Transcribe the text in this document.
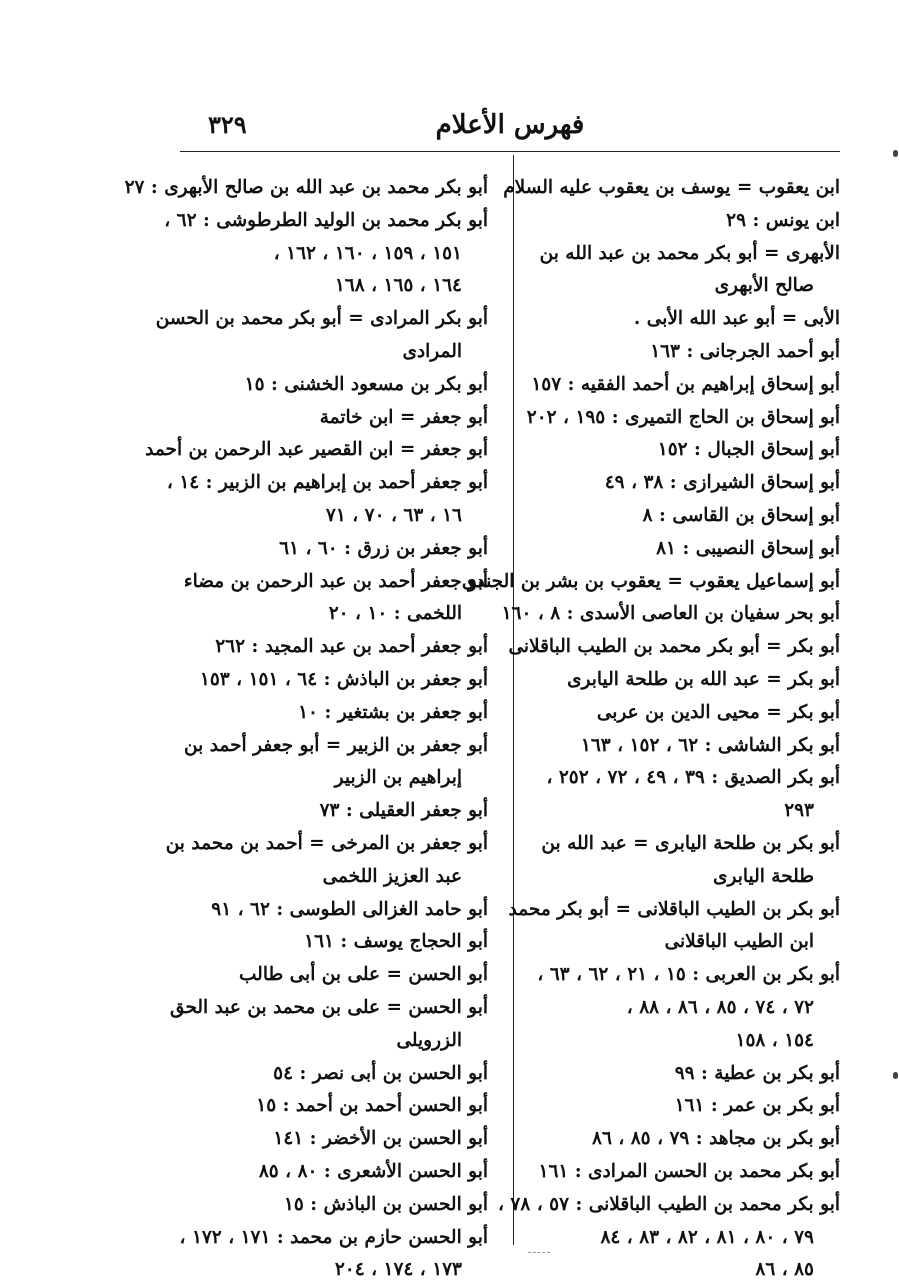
فهرس الأعلام
٣٢٩
ابن يعقوب = يوسف بن يعقوب عليه السلام
ابن يونس : ٢٩
الأبهرى = أبو بكر محمد بن عبد الله بن
صالح الأبهرى
الأبى = أبو عبد الله الأبى .
أبو أحمد الجرجانى : ١٦٣
أبو إسحاق إبراهيم بن أحمد الفقيه : ١٥٧
أبو إسحاق بن الحاج التميرى : ١٩٥ ، ٢٠٢
أبو إسحاق الجبال : ١٥٢
أبو إسحاق الشيرازى : ٣٨ ، ٤٩
أبو إسحاق بن القاسى : ٨
أبو إسحاق النصيبى : ٨١
أبو إسماعيل يعقوب = يعقوب بن بشر بن الجندى
أبو بحر سفيان بن العاصى الأسدى : ٨ ، ١٦٠
أبو بكر = أبو بكر محمد بن الطيب الباقلانى
أبو بكر = عبد الله بن طلحة اليابرى
أبو بكر = محيى الدين بن عربى
أبو بكر الشاشى : ٦٢ ، ١٥٢ ، ١٦٣
أبو بكر الصديق : ٣٩ ، ٤٩ ، ٧٢ ، ٢٥٢ ،
٢٩٣
أبو بكر بن طلحة اليابرى = عبد الله بن
طلحة اليابرى
أبو بكر بن الطيب الباقلانى = أبو بكر محمد
ابن الطيب الباقلانى
أبو بكر بن العربى : ١٥ ، ٢١ ، ٦٢ ، ٦٣ ،
٧٢ ، ٧٤ ، ٨٥ ، ٨٦ ، ٨٨ ،
١٥٤ ، ١٥٨
أبو بكر بن عطية : ٩٩
أبو بكر بن عمر : ١٦١
أبو بكر بن مجاهد : ٧٩ ، ٨٥ ، ٨٦
أبو بكر محمد بن الحسن المرادى : ١٦١
أبو بكر محمد بن الطيب الباقلانى : ٥٧ ، ٧٨ ،
٧٩ ، ٨٠ ، ٨١ ، ٨٢ ، ٨٣ ، ٨٤
٨٥ ، ٨٦
أبو بكر محمد بن عبد الله بن صالح الأبهرى : ٢٧
أبو بكر محمد بن الوليد الطرطوشى : ٦٢ ،
١٥١ ، ١٥٩ ، ١٦٠ ، ١٦٢ ،
١٦٤ ، ١٦٥ ، ١٦٨
أبو بكر المرادى = أبو بكر محمد بن الحسن
المرادى
أبو بكر بن مسعود الخشنى : ١٥
أبو جعفر = ابن خاتمة
أبو جعفر = ابن القصير عبد الرحمن بن أحمد
أبو جعفر أحمد بن إبراهيم بن الزبير : ١٤ ،
١٦ ، ٦٣ ، ٧٠ ، ٧١
أبو جعفر بن زرق : ٦٠ ، ٦١
أبو جعفر أحمد بن عبد الرحمن بن مضاء
اللخمى : ١٠ ، ٢٠
أبو جعفر أحمد بن عبد المجيد : ٢٦٢
أبو جعفر بن الباذش : ٦٤ ، ١٥١ ، ١٥٣
أبو جعفر بن بشتغير : ١٠
أبو جعفر بن الزبير = أبو جعفر أحمد بن
إبراهيم بن الزبير
أبو جعفر العقيلى : ٧٣
أبو جعفر بن المرخى = أحمد بن محمد بن
عبد العزيز اللخمى
أبو حامد الغزالى الطوسى : ٦٢ ، ٩١
أبو الحجاج يوسف : ١٦١
أبو الحسن = على بن أبى طالب
أبو الحسن = على بن محمد بن عبد الحق
الزرويلى
أبو الحسن بن أبى نصر : ٥٤
أبو الحسن أحمد بن أحمد : ١٥
أبو الحسن بن الأخضر : ١٤١
أبو الحسن الأشعرى : ٨٠ ، ٨٥
أبو الحسن بن الباذش : ١٥
أبو الحسن حازم بن محمد : ١٧١ ، ١٧٢ ،
١٧٣ ، ١٧٤ ، ٢٠٤
